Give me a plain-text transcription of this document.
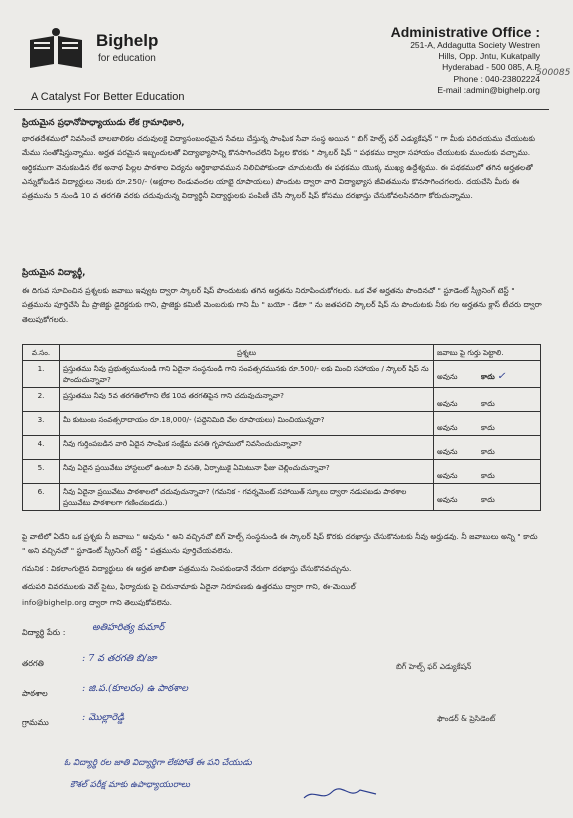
Bighelp
for education
A Catalyst For Better Education
Administrative Office :
251-A, Addagutta Society Westren
Hills, Opp. Jntu, Kukatpally
Hyderabad - 500 085, A.P
Phone : 040-23802224
E-mail :admin@bighelp.org
500085
ప్రియమైన ప్రధానోపాధ్యాయుడు లేక గ్రామాధికారి,
భారతదేశములో నివసించే బాలబాలికల చదువులకై విద్యాసంబంధమైన సేవలు చేస్తున్న సాంఘిక సేవా సంస్థ అయిన " బిగ్ హెల్ప్ ఫర్ ఎడ్యుకేషన్ " గా మీకు పరిచయము చేయుటకు మేము సంతోషిస్తున్నాము. అర్హత పరమైన ఇబ్బందులతో విద్యాభ్యాసాన్ని కొనసాగించలేని పిల్లల కొరకు " స్కాలర్ షిప్ " పథకము ద్వారా సహాయం చేయుటకు ముందుకు వచ్చాము. ఆర్థికముగా వెనుకబడిన లేక అనాథ పిల్లల పాఠశాల విద్యను ఆర్థికాభావమున నిలిచిపోకుండా చూచుటయే ఈ పథకము యొక్క ముఖ్య ఉద్దేశ్యము. ఈ పథకములో తగిన అర్హతలతో ఎన్నుకోబడిన విద్యార్థులు నెలకు రూ.250/- (అక్షరాల రెండువందల యాభై రూపాయలు) పొందుట ద్వారా వారి విద్యాభ్యాస జీవితమును కొనసాగించగలరు. దయచేసి మీరు ఈ పత్రమును 5 నుండి 10 వ తరగతి వరకు చదువుచున్న విద్యార్థినీ విద్యార్థులకు పంపిణీ చేసి స్కాలర్ షిప్ కోసము దరఖాస్తు చేసుకోవలసినదిగా కోరుచున్నాము.
ప్రియమైన విద్యార్థీ,
ఈ దిగువ సూచించిన ప్రశ్నలకు జవాబు ఇవ్వుట ద్వారా స్కాలర్ షిప్ పొందుటకు తగిన అర్హతను నిరూపించుకోగలరు. ఒక వేళ అర్హతను పొందినచో " స్టూడెంట్ స్క్రీనింగ్ టెస్ట్ " పత్రమును పూర్తిచేసి మీ ప్రాజెక్టు డైరెక్టరుకు గాని, ప్రాజెక్టు కమిటీ మెంబరుకు గాని మీ " బయో - డేటా " ను జతపరచి స్కాలర్ షిప్ ను పొందుటకు నీకు గల అర్హతను క్లాస్ టీచరు ద్వారా తెలుపుకోగలరు.
వ.సం.	ప్రశ్నలు	జవాబు పై గుర్తు పెట్టాలి.
1.	ప్రస్తుతము నీవు ప్రభుత్వమునుండి గాని ఏదైనా సంస్థనుండి గాని సంవత్సరమునకు రూ.500/- లకు మించి సహాయం / స్కాలర్ షిప్ ను పొందుచున్నావా?	అవును కాదు ✓
2.	ప్రస్తుతము నీవు 5వ తరగతిలోగాని లేక 10వ తరగతిపైన గాని చదువుచున్నావా?	అవును కాదు
3.	మీ కుటుంబ సంవత్సరాదాయం రూ.18,000/- (పద్దెనిమిది వేల రూపాయలు) మించియున్నదా?	అవును కాదు
4.	నీవు గుర్తింపబడిన వారి ఏదైన సాంఘిక సంక్షేమ వసతి గృహములో నివసించుచున్నావా?	అవును కాదు
5.	నీవు ఏదైన ప్రయివేటు హాస్టలులో ఉంటూ నీ వసతి, ఏర్పాటుకై ఏమిటునా ఫీజు చెల్లించుచున్నావా?	అవును కాదు
6.	నీవు ఏదైనా ప్రయివేటు పాఠశాలలో చదువుచున్నావా? (గమనిక - గవర్నమెంట్ సహాయిత్ స్కూలు ద్వారా నడుపబడు పాఠశాల ప్రయివేటు పాఠశాలగా గణించబడదు.)	అవును కాదు
పై వాటిలో ఏదేని ఒక ప్రశ్నకు నీ జవాబు " అవును " అని వచ్చినచో బిగ్ హెల్ప్ సంస్థనుండి ఈ స్కాలర్ షిప్ కొరకు దరఖాస్తు చేసుకొనుటకు నీవు అర్హుడవు. నీ జవాబులు అన్ని " కాదు " అని వచ్చినచో " స్టూడెంట్ స్క్రీనింగ్ టెస్ట్ " పత్రమును పూర్తిచేయవలెను.
గమనిక : వికలాంగులైన విద్యార్థులు ఈ అర్హత జాబితా పత్రమును నింపకుండానే నేరుగా దరఖాస్తు చేసుకొనవచ్చును.
తదుపరి వివరములకు వెబ్ సైటు, ఫిర్యాదుకు పై చిరునామాకు ఏదైనా నిరూపణకు ఉత్తరము ద్వారా గాని, ఈ-మెయిల్
info@bighelp.org ద్వారా గాని తెలుపుకోవలెను.
విద్యార్థి పేరు :	అతిహరిత్య కుమార్
తరగతి	: 7 వ తరగతి బి/జా
పాఠశాల	: జి.ప.(కూలరం) ఉ పాఠశాల
గ్రామము	: మొల్లారెడ్డి
బిగ్ హెల్ప్ ఫర్ ఎడ్యుకేషన్
ఫౌండర్ & ప్రెసిడెంట్
ఓ విద్యార్థి రల జాతి విద్యార్థిగా లేకపోతే ఈ పని చేయుడు
కౌశల్ పరీక్ష మాకు ఉపాధ్యాయురాలు
